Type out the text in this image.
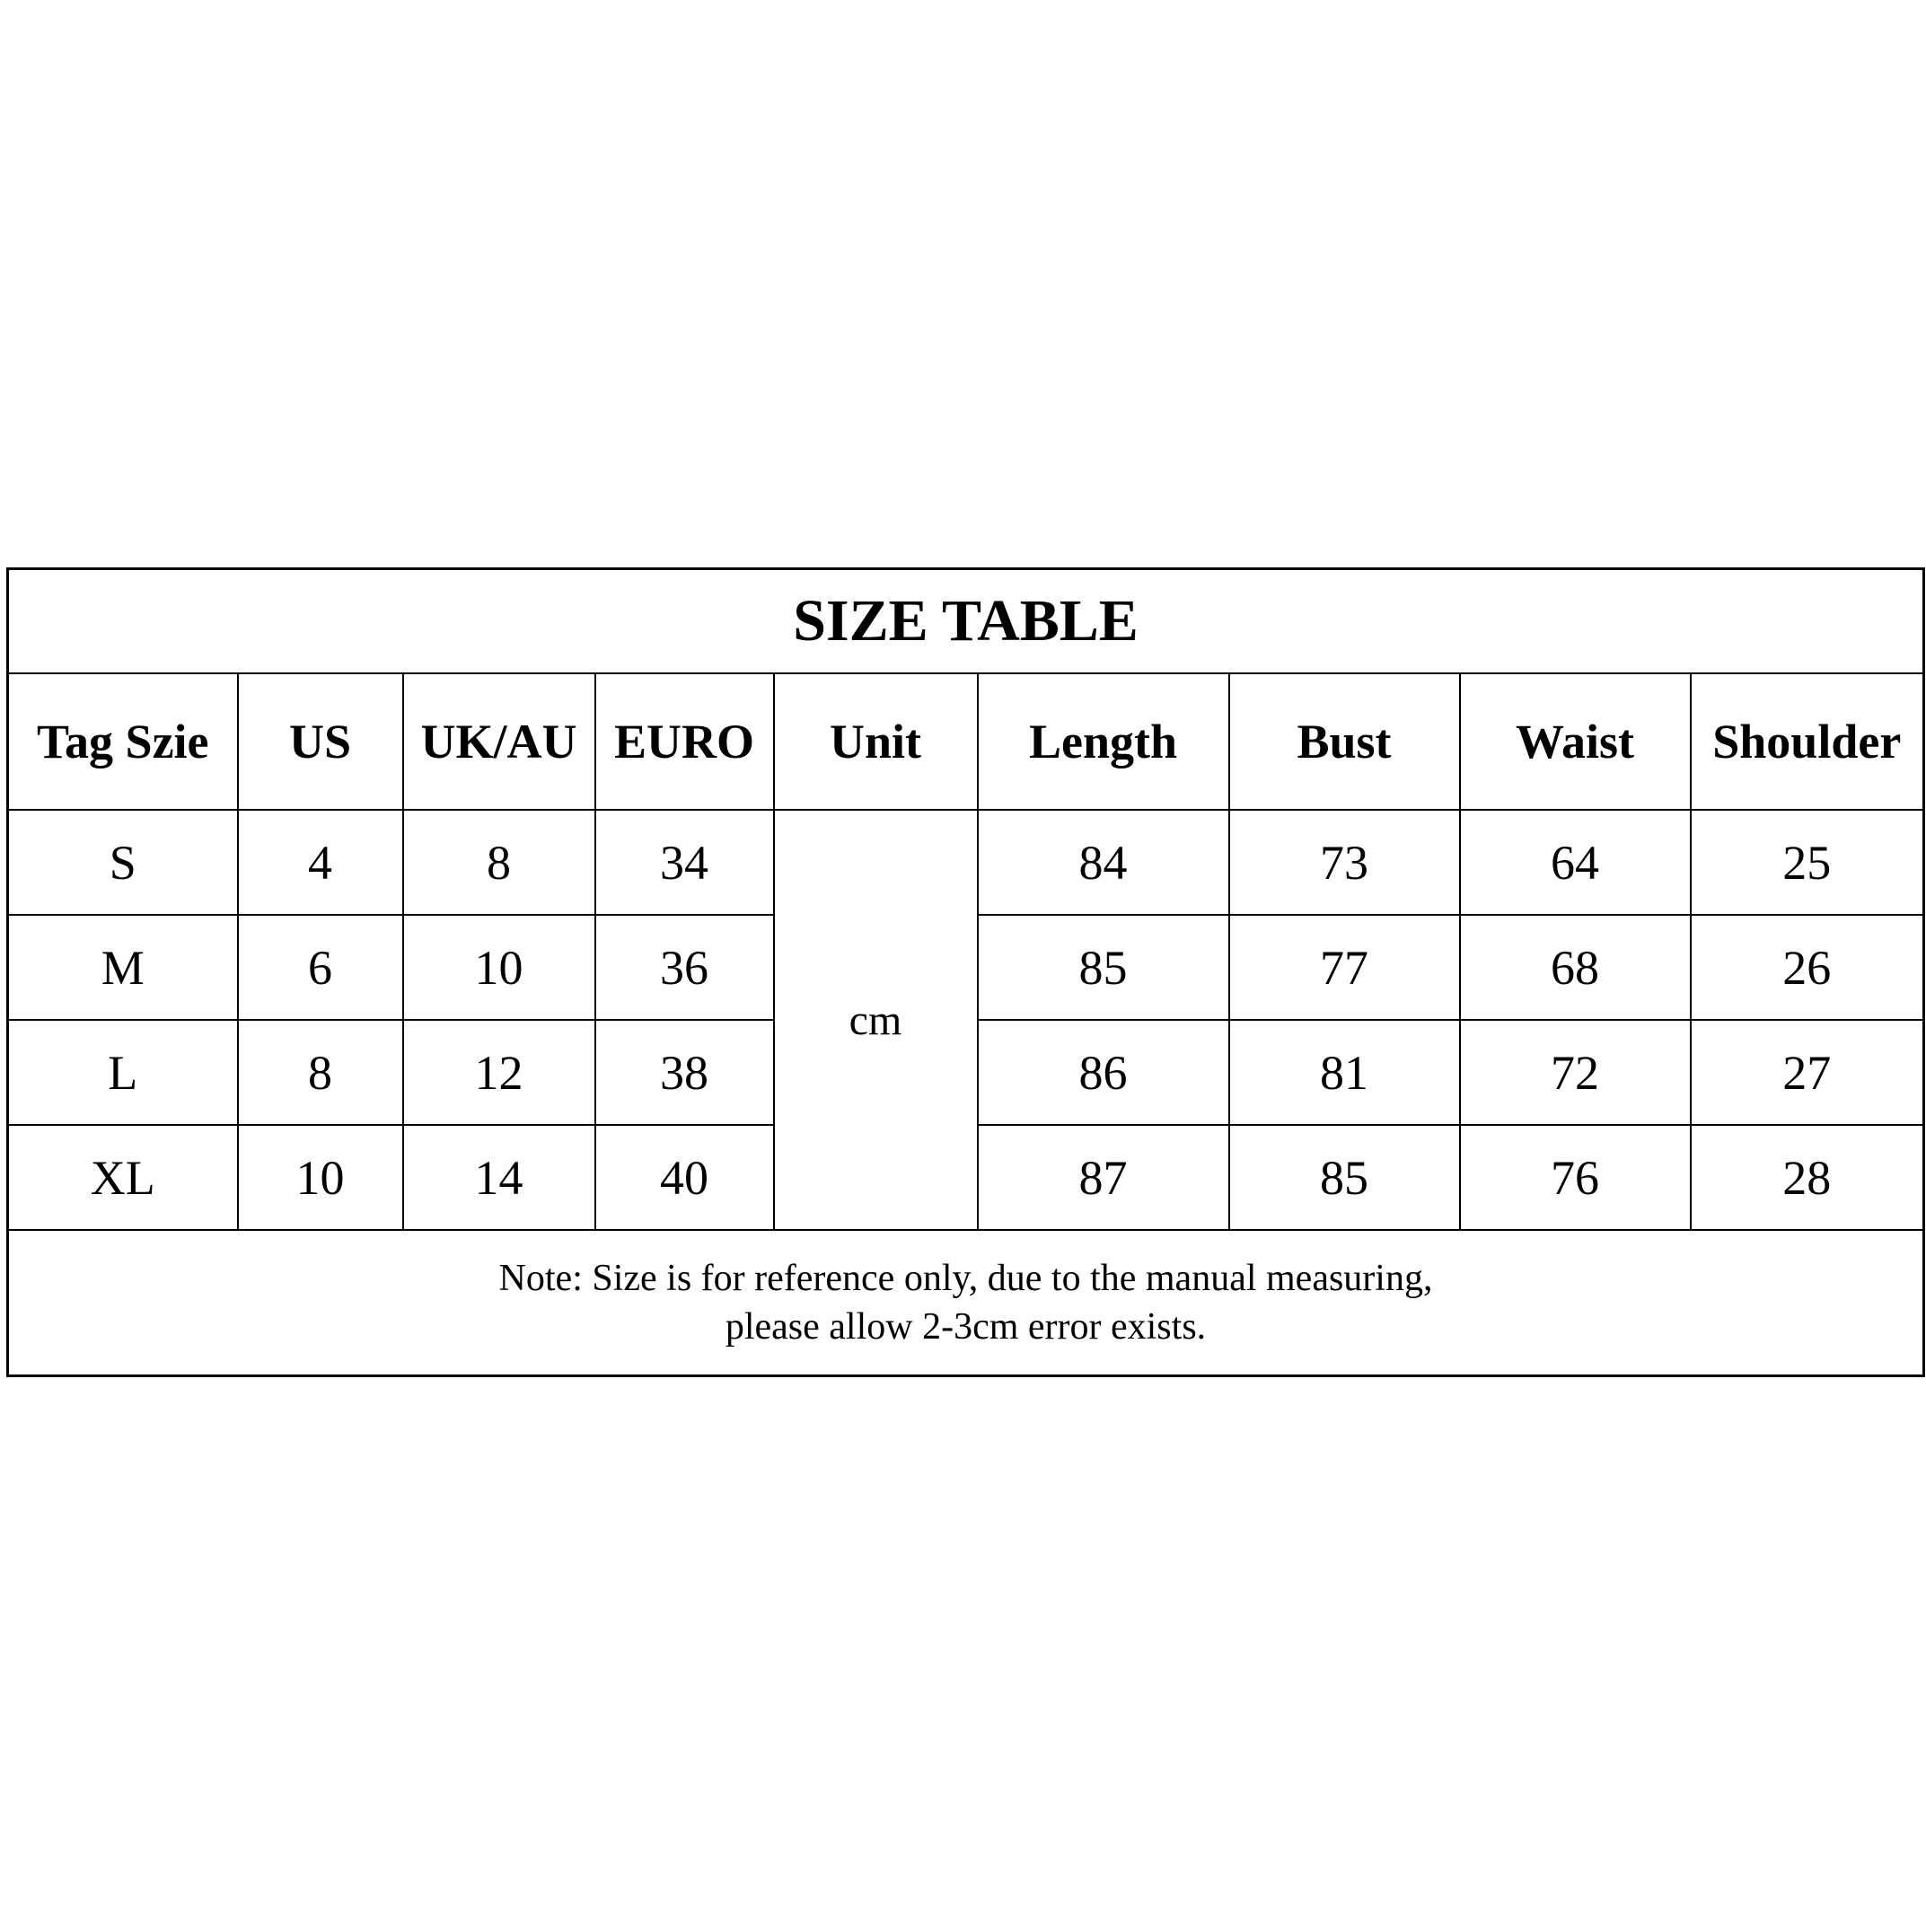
SIZE TABLE								
Tag Szie	US	UK/AU	EURO	Unit	Length	Bust	Waist	Shoulder
S	4	8	34	cm	84	73	64	25
M	6	10	36		85	77	68	26
L	8	12	38		86	81	72	27
XL	10	14	40		87	85	76	28

Note: Size is for reference only, due to the manual measuring,
please allow 2-3cm error exists.								
